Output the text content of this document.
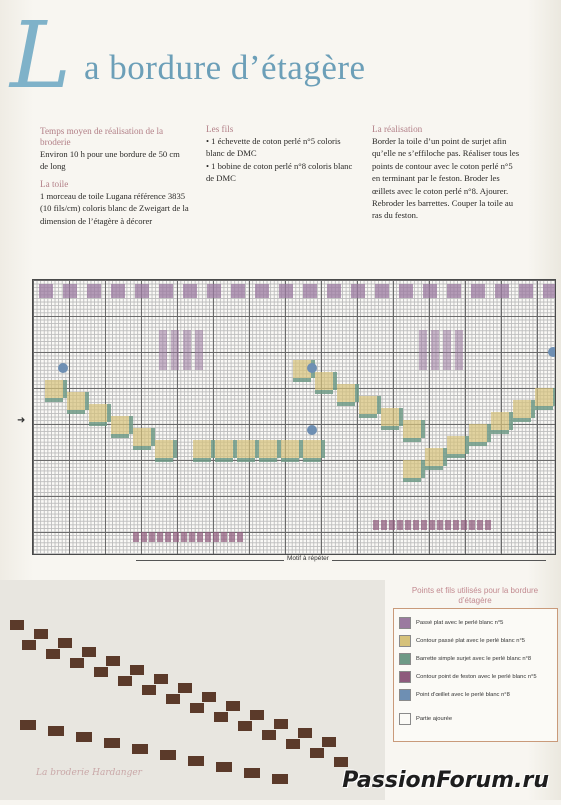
L a bordure d’étagère
Temps moyen de réalisation de la broderie

Environ 10 h pour une bordure de 50 cm de long

La toile

1 morceau de toile Lugana référence 3835 (10 fils/cm) coloris blanc de Zweigart de la dimension de l’étagère à décorer

Les fils

• 1 échevette de coton perlé n°5 coloris blanc de DMC

• 1 bobine de coton perlé n°8 coloris blanc de DMC

La réalisation

Border la toile d’un point de surjet afin qu’elle ne s’effiloche pas. Réaliser tous les points de contour avec le coton perlé n°5 en terminant par le feston. Broder les œillets avec le coton perlé n°8. Ajourer. Rebroder les barrettes. Couper la toile au ras du feston.

➜
Motif à répéter
Points et fils utilisés pour la bordure d’étagère
Passé plat avec le perlé blanc n°5
Contour passé plat avec le perlé blanc n°5
Barrette simple surjet avec le perlé blanc n°8
Contour point de feston avec le perlé blanc n°5
Point d’œillet avec le perlé blanc n°8
Partie ajourée
La broderie Hardanger	PassionForum.ru
